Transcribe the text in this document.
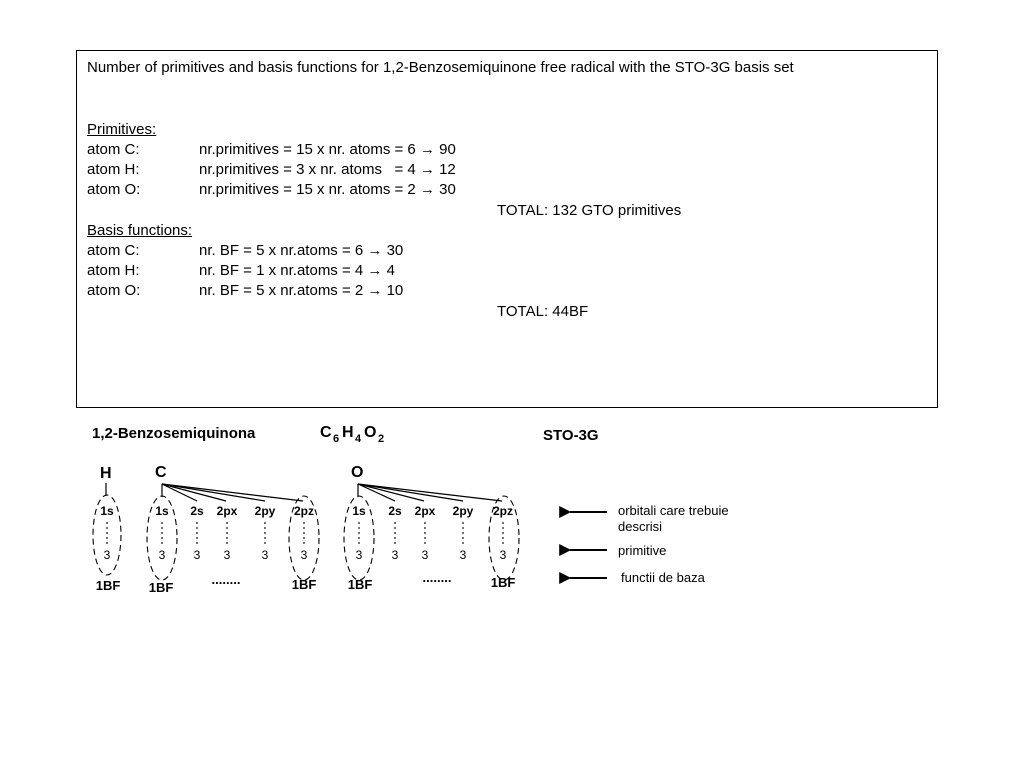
Number of primitives and basis functions for 1,2-Benzosemiquinone free radical with the STO-3G basis set
Primitives:
atom C:	nr.primitives = 15 x nr. atoms = 6 → 90
atom H:	nr.primitives = 3 x nr. atoms   = 4 → 12
atom O:	nr.primitives = 15 x nr. atoms = 2 → 30
TOTAL: 132 GTO primitives
Basis functions:
atom C:	nr. BF = 5 x nr.atoms = 6 → 30
atom H:	nr. BF = 1 x nr.atoms = 4 → 4
atom O:	nr. BF = 5 x nr.atoms = 2 → 10
TOTAL: 44BF
1,2-Benzosemiquinona	C 6 H 4 O 2	STO-3G
H	C	O
1s	1s 2s 2px 2py 2pz	1s 2s 2px 2py 2pz
3	3 3 3	3	3	3 3 3	3	3
1BF 1BF	1BF 1BF	1BF
........	........
orbitali care trebuie
descrisi
primitive
functii de baza
